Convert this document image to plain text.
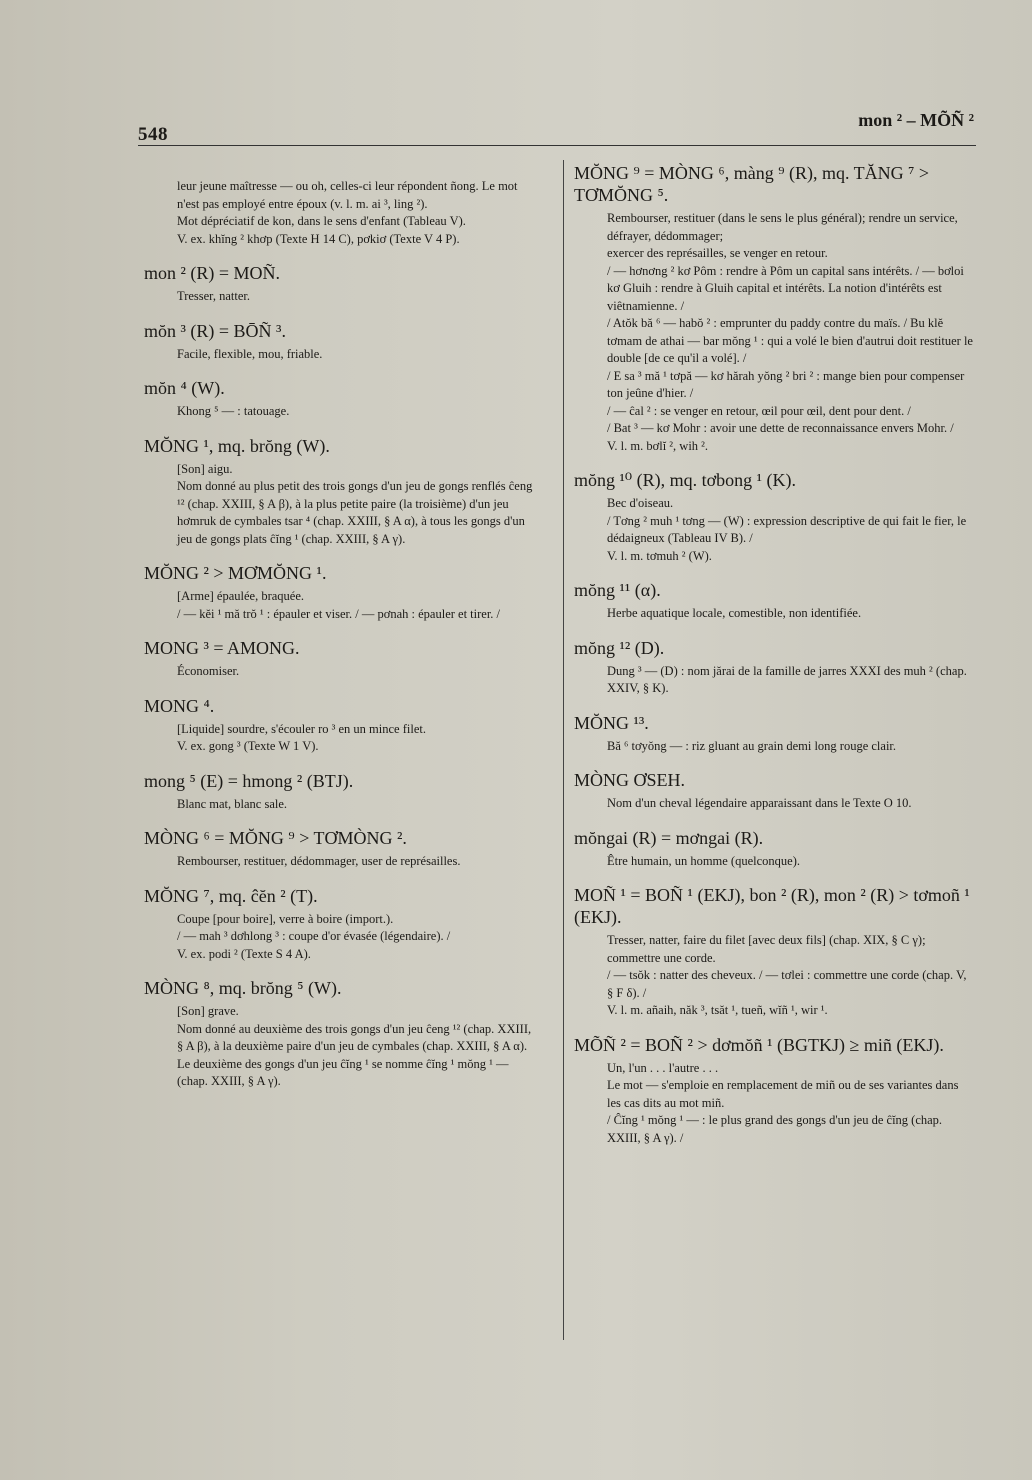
548
mon ² – MÕÑ ²

leur jeune maîtresse — ou oh, celles-ci leur répondent ñong. Le mot n'est pas employé entre époux (v. l. m. ai ³, ling ²).

Mot dépréciatif de kon, dans le sens d'enfant (Tableau V).

V. ex. khĭng ² khơp (Texte H 14 C), pơkiơ (Texte V 4 P).

mon ² (R) = MOÑ.

Tresser, natter.

mŏn ³ (R) = BŌÑ ³.

Facile, flexible, mou, friable.

mŏn ⁴ (W).

Khong ⁵ — : tatouage.

MŎNG ¹, mq. brŏng (W).

[Son] aigu.

Nom donné au plus petit des trois gongs d'un jeu de gongs renflés ĉeng ¹² (chap. XXIII, § A β), à la plus petite paire (la troisième) d'un jeu hơmruk de cymbales tsar ⁴ (chap. XXIII, § A α), à tous les gongs d'un jeu de gongs plats ĉĭng ¹ (chap. XXIII, § A γ).

MŎNG ² > MƠMŎNG ¹.

[Arme] épaulée, braquée.

/ — kĕi ¹ mă trŏ ¹ : épauler et viser. / — pơnah : épauler et tirer. /

MONG ³ = AMONG.

Économiser.

MONG ⁴.

[Liquide] sourdre, s'écouler ro ³ en un mince filet.

V. ex. gong ³ (Texte W 1 V).

mong ⁵ (E) = hmong ² (BTJ).

Blanc mat, blanc sale.

MÒNG ⁶ = MŎNG ⁹ > TƠMÒNG ².

Rembourser, restituer, dédommager, user de représailles.

MŎNG ⁷, mq. ĉĕn ² (T).

Coupe [pour boire], verre à boire (import.).

/ — mah ³ dơhlong ³ : coupe d'or évasée (légendaire). /

V. ex. podi ² (Texte S 4 A).

MÒNG ⁸, mq. brŏng ⁵ (W).

[Son] grave.

Nom donné au deuxième des trois gongs d'un jeu ĉeng ¹² (chap. XXIII, § A β), à la deuxième paire d'un jeu de cymbales (chap. XXIII, § A α).

Le deuxième des gongs d'un jeu ĉĭng ¹ se nomme ĉĭng ¹ mŏng ¹ — (chap. XXIII, § A γ).

MŎNG ⁹ = MÒNG ⁶, màng ⁹ (R), mq. TĂNG ⁷ > TƠMŎNG ⁵.

Rembourser, restituer (dans le sens le plus général); rendre un service, défrayer, dédommager;

exercer des représailles, se venger en retour.

/ — hơnơng ² kơ Pôm : rendre à Pôm un capital sans intérêts. / — bơloi kơ Gluih : rendre à Gluih capital et intérêts. La notion d'intérêts est viêtnamienne. /

/ Atŏk bă ⁶ — habŏ ² : emprunter du paddy contre du maïs. / Bu klĕ tơmam de athai — bar mŏng ¹ : qui a volé le bien d'autrui doit restituer le double [de ce qu'il a volé]. /

/ E sa ³ mă ¹ tơpă — kơ hărah yŏng ² bri ² : mange bien pour compenser ton jeûne d'hier. /

/ — ĉal ² : se venger en retour, œil pour œil, dent pour dent. /

/ Bat ³ — kơ Mohr : avoir une dette de reconnaissance envers Mohr. /

V. l. m. bơlĭ ², wih ².

mŏng ¹⁰ (R), mq. tơbong ¹ (K).

Bec d'oiseau.

/ Tơng ² muh ¹ tơng — (W) : expression descriptive de qui fait le fier, le dédaigneux (Tableau IV B). /

V. l. m. tơmuh ² (W).

mŏng ¹¹ (α).

Herbe aquatique locale, comestible, non identifiée.

mŏng ¹² (D).

Dung ³ — (D) : nom jărai de la famille de jarres XXXI des muh ² (chap. XXIV, § K).

MŎNG ¹³.

Bă ⁶ tơyŏng — : riz gluant au grain demi long rouge clair.

MÒNG ƠSEH.

Nom d'un cheval légendaire apparaissant dans le Texte O 10.

mŏngai (R) = mơngai (R).

Être humain, un homme (quelconque).

MOÑ ¹ = BOÑ ¹ (EKJ), bon ² (R), mon ² (R) > tơmoñ ¹ (EKJ).

Tresser, natter, faire du filet [avec deux fils] (chap. XIX, § C γ); commettre une corde.

/ — tsŏk : natter des cheveux. / — tơlei : commettre une corde (chap. V, § F δ). /

V. l. m. añaih, năk ³, tsăt ¹, tueñ, wĭñ ¹, wir ¹.

MÕÑ ² = BOÑ ² > dơmŏñ ¹ (BGTKJ) ≥ miñ (EKJ).

Un, l'un . . . l'autre . . .

Le mot — s'emploie en remplacement de miñ ou de ses variantes dans les cas dits au mot miñ.

/ Ĉĭng ¹ mŏng ¹ — : le plus grand des gongs d'un jeu de ĉĭng (chap. XXIII, § A γ). /
